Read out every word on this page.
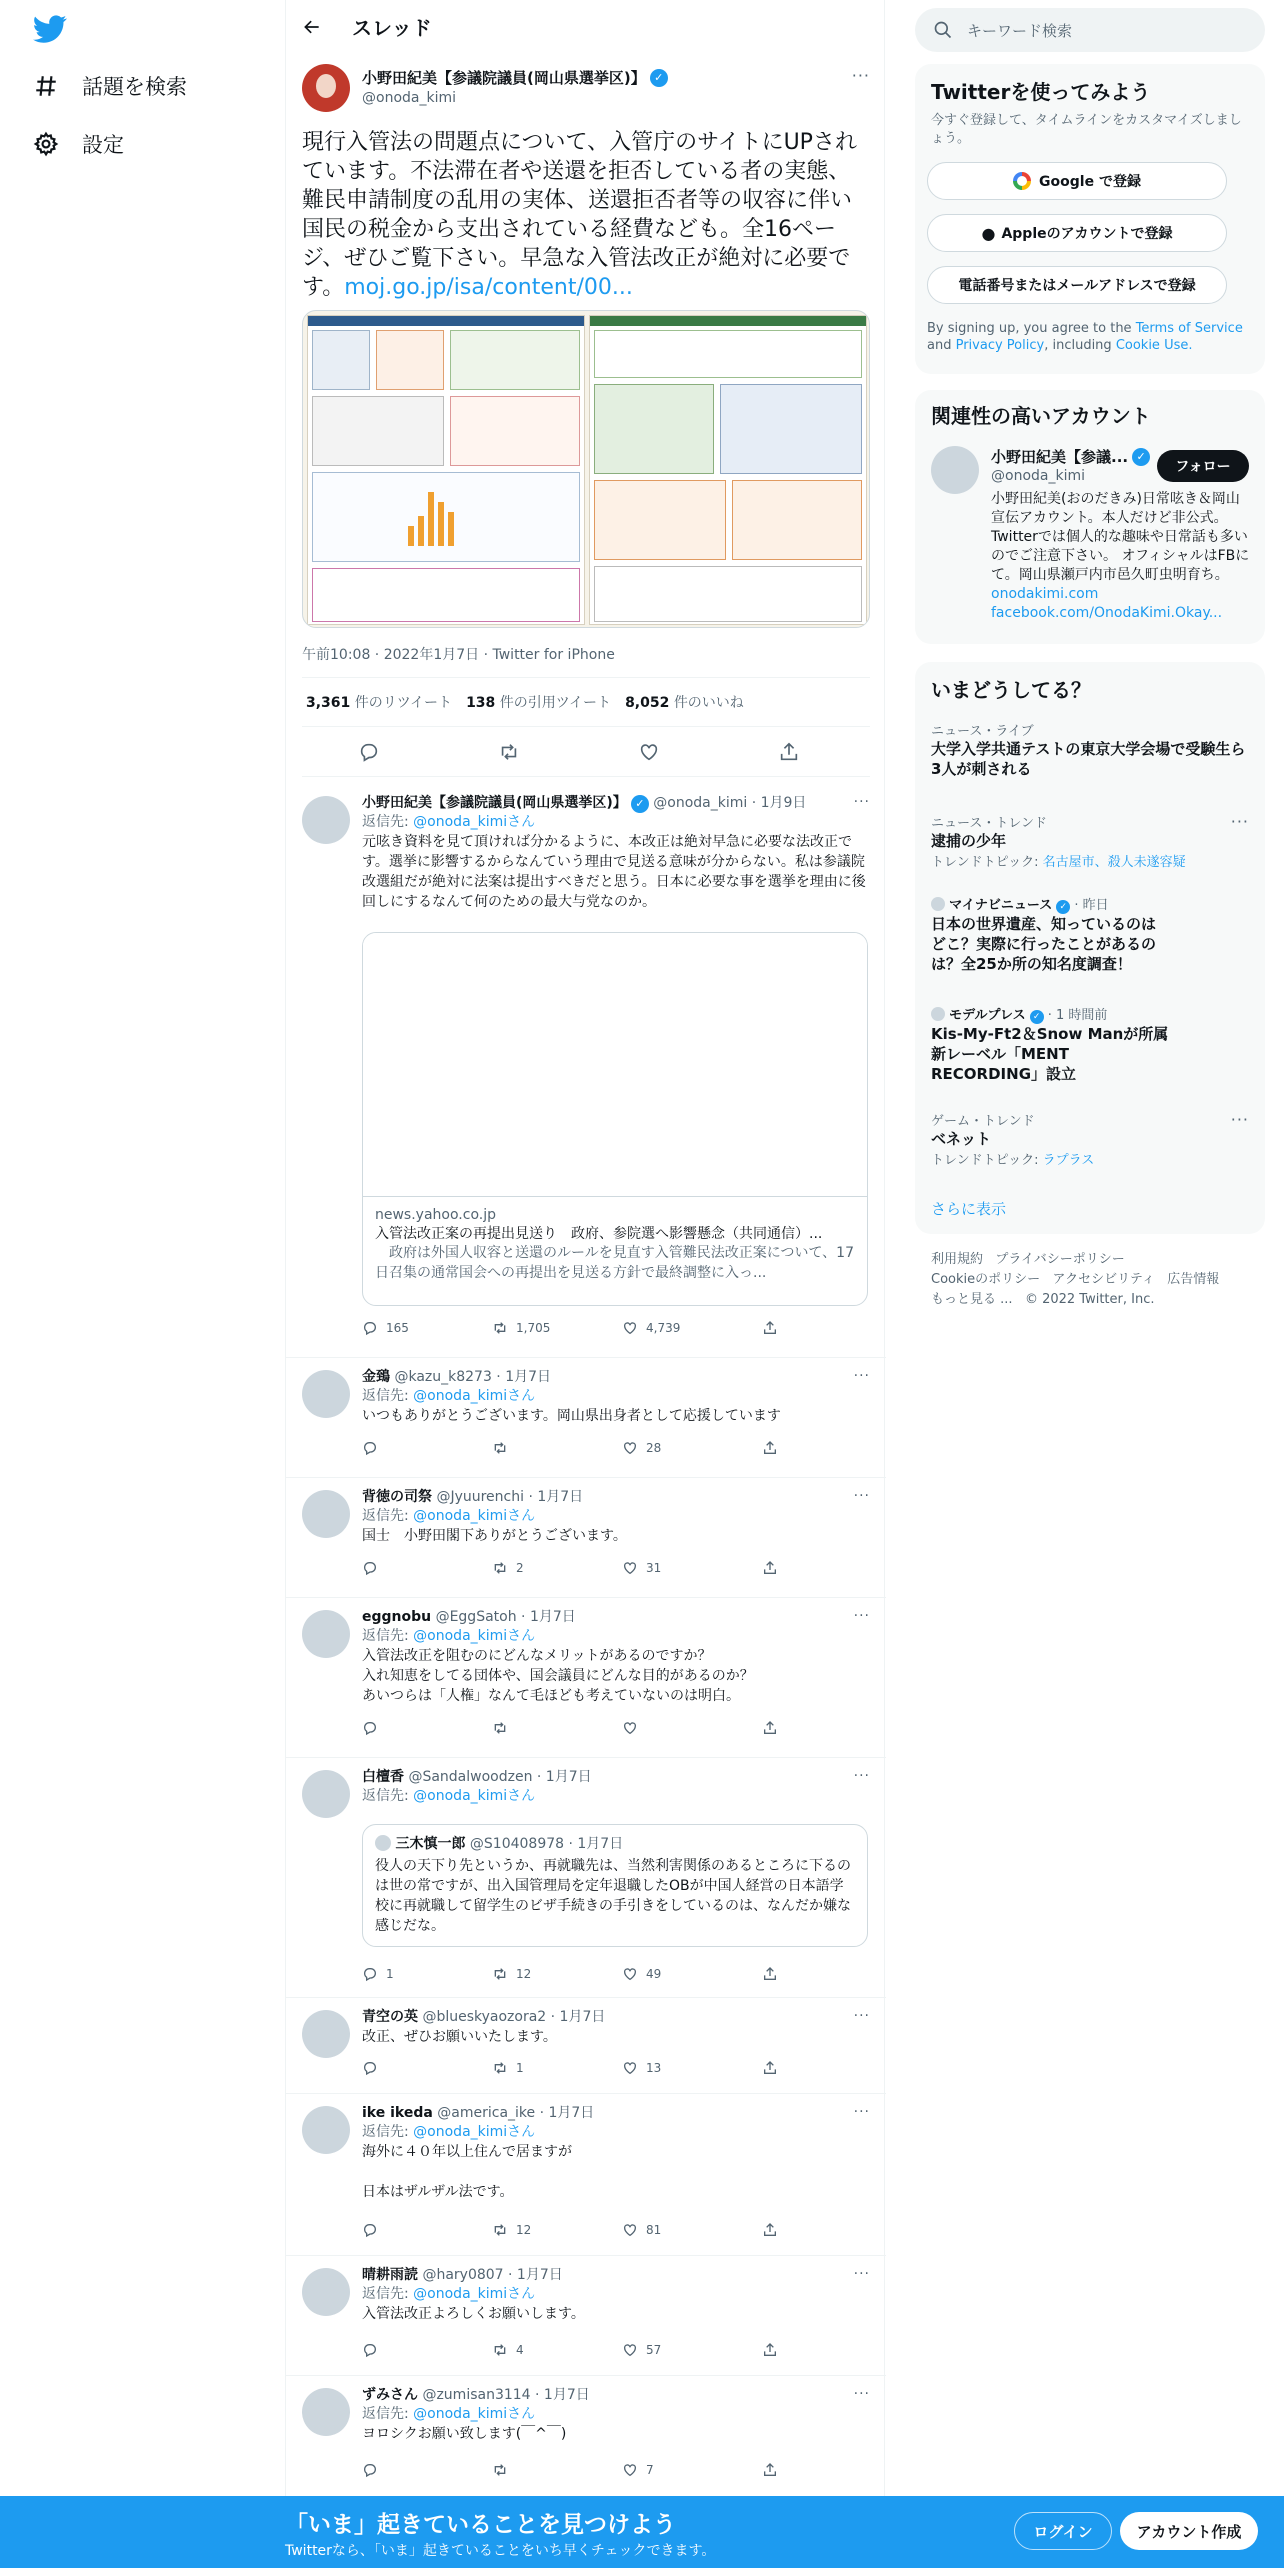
話題を検索
設定
スレッド
小野田紀美【参議院議員(岡山県選挙区)】 ✓
@onoda_kimi
···
現行入管法の問題点について、入管庁のサイトにUPされています。不法滞在者や送還を拒否している者の実態、難民申請制度の乱用の実体、送還拒否者等の収容に伴い国民の税金から支出されている経費なども。全16ページ、ぜひご覧下さい。早急な入管法改正が絶対に必要です。moj.go.jp/isa/content/00...
午前10:08 · 2022年1月7日 · Twitter for iPhone
3,361 件のリツイート 138 件の引用ツイート 8,052 件のいいね
···
小野田紀美【参議院議員(岡山県選挙区)】 ✓ @onoda_kimi · 1月9日
返信先: @onoda_kimiさん
元呟き資料を見て頂ければ分かるように、本改正は絶対早急に必要な法改正です。選挙に影響するからなんていう理由で見送る意味が分からない。私は参議院改選組だが絶対に法案は提出すべきだと思う。日本に必要な事を選挙を理由に後回しにするなんて何のための最大与党なのか。
news.yahoo.co.jp
入管法改正案の再提出見送り　政府、参院選へ影響懸念（共同通信）...
　政府は外国人収容と送還のルールを見直す入管難民法改正案について、17日召集の通常国会への再提出を見送る方針で最終調整に入っ...
165	1,705	4,739
···
金鵄 @kazu_k8273 · 1月7日
返信先: @onoda_kimiさん
いつもありがとうございます。岡山県出身者として応援しています
28
···
背徳の司祭 @Jyuurenchi · 1月7日
返信先: @onoda_kimiさん
国士　小野田閣下ありがとうございます。
2	31
···
eggnobu @EggSatoh · 1月7日
返信先: @onoda_kimiさん
入管法改正を阻むのにどんなメリットがあるのですか？
入れ知恵をしてる団体や、国会議員にどんな目的があるのか？
あいつらは「人権」なんて毛ほども考えていないのは明白。
···
白檀香 @Sandalwoodzen · 1月7日
返信先: @onoda_kimiさん
三木慎一郎 @S10408978 · 1月7日
役人の天下り先というか、再就職先は、当然利害関係のあるところに下るのは世の常ですが、出入国管理局を定年退職したOBが中国人経営の日本語学校に再就職して留学生のビザ手続きの手引きをしているのは、なんだか嫌な感じだな。
1	12	49
···
青空の英 @blueskyaozora2 · 1月7日
改正、ぜひお願いいたします。
1	13
···
ike ikeda @america_ike · 1月7日
返信先: @onoda_kimiさん
海外に４０年以上住んで居ますが

日本はザルザル法です。
12	81
···
晴耕雨読 @hary0807 · 1月7日
返信先: @onoda_kimiさん
入管法改正よろしくお願いします。
4	57
···
ずみさん @zumisan3114 · 1月7日
返信先: @onoda_kimiさん
ヨロシクお願い致します(￣^￣)
7
キーワード検索
Twitterを使ってみよう
今すぐ登録して、タイムラインをカスタマイズしましょう。
Google で登録
● Appleのアカウントで登録
電話番号またはメールアドレスで登録
By signing up, you agree to the Terms of Service and Privacy Policy, including Cookie Use.
関連性の高いアカウント
小野田紀美【参議... ✓
@onoda_kimi
フォロー
小野田紀美(おのだきみ)日常呟き＆岡山宣伝アカウント。本人だけど非公式。Twitterでは個人的な趣味や日常話も多いのでご注意下さい。 オフィシャルはFBにて。岡山県瀬戸内市邑久町虫明育ち。 onodakimi.com
facebook.com/OnodaKimi.Okay...
いまどうしてる？
ニュース・ライブ
大学入学共通テストの東京大学会場で受験生ら3人が刺される
···
ニュース・トレンド
逮捕の少年
トレンドトピック: 名古屋市、殺人未遂容疑
マイナビニュース ✓ · 昨日
日本の世界遺産、知っているのはどこ？実際に行ったことがあるのは？全25か所の知名度調査！
モデルプレス ✓ · 1 時間前
Kis-My-Ft2＆Snow Manが所属 新レーベル「MENT RECORDING」設立
···
ゲーム・トレンド
ベネット
トレンドトピック: ラプラス
さらに表示
利用規約 プライバシーポリシー
Cookieのポリシー アクセシビリティ 広告情報
もっと見る ... © 2022 Twitter, Inc.
「いま」起きていることを見つけよう
Twitterなら、「いま」起きていることをいち早くチェックできます。
ログイン	アカウント作成
